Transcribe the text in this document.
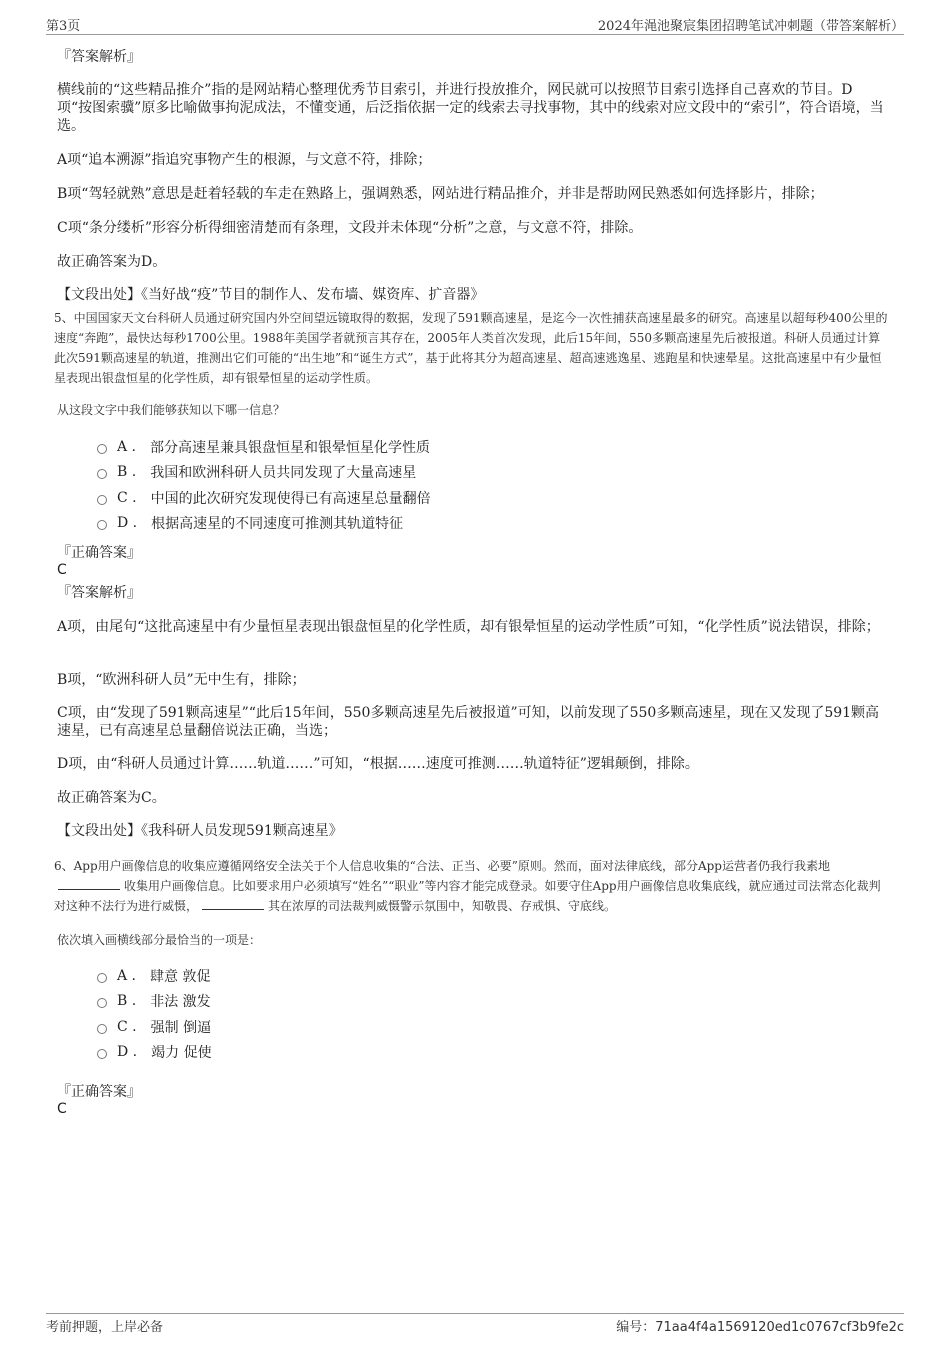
第3页	2024年渑池聚宸集团招聘笔试冲刺题（带答案解析）
『答案解析』
横线前的“这些精品推介”指的是网站精心整理优秀节目索引，并进行投放推介，网民就可以按照节目索引选择自己喜欢的节目。D项“按图索骥”原多比喻做事拘泥成法，不懂变通，后泛指依据一定的线索去寻找事物，其中的线索对应文段中的“索引”，符合语境，当选。
A项“追本溯源”指追究事物产生的根源，与文意不符，排除；
B项“驾轻就熟”意思是赶着轻载的车走在熟路上，强调熟悉，网站进行精品推介，并非是帮助网民熟悉如何选择影片，排除；
C项“条分缕析”形容分析得细密清楚而有条理，文段并未体现“分析”之意，与文意不符，排除。
故正确答案为D。
【文段出处】《当好战“疫”节目的制作人、发布墙、媒资库、扩音器》
5、中国国家天文台科研人员通过研究国内外空间望远镜取得的数据，发现了591颗高速星，是迄今一次性捕获高速星最多的研究。高速星以超每秒400公里的速度“奔跑”，最快达每秒1700公里。1988年美国学者就预言其存在，2005年人类首次发现，此后15年间，550多颗高速星先后被报道。科研人员通过计算此次591颗高速星的轨道，推测出它们可能的“出生地”和“诞生方式”，基于此将其分为超高速星、超高速逃逸星、逃跑星和快速晕星。这批高速星中有少量恒星表现出银盘恒星的化学性质，却有银晕恒星的运动学性质。
从这段文字中我们能够获知以下哪一信息？
A . 部分高速星兼具银盘恒星和银晕恒星化学性质
B . 我国和欧洲科研人员共同发现了大量高速星
C . 中国的此次研究发现使得已有高速星总量翻倍
D . 根据高速星的不同速度可推测其轨道特征
『正确答案』
C
『答案解析』
A项，由尾句“这批高速星中有少量恒星表现出银盘恒星的化学性质，却有银晕恒星的运动学性质”可知，“化学性质”说法错误，排除；
B项，“欧洲科研人员”无中生有，排除；
C项，由“发现了591颗高速星”“此后15年间，550多颗高速星先后被报道”可知，以前发现了550多颗高速星，现在又发现了591颗高速星，已有高速星总量翻倍说法正确，当选；
D项，由“科研人员通过计算……轨道……”可知，“根据……速度可推测……轨道特征”逻辑颠倒，排除。
故正确答案为C。
【文段出处】《我科研人员发现591颗高速星》
6、App用户画像信息的收集应遵循网络安全法关于个人信息收集的“合法、正当、必要”原则。然而，面对法律底线，部分App运营者仍我行我素地收集用户画像信息。比如要求用户必须填写“姓名”“职业”等内容才能完成登录。如要守住App用户画像信息收集底线，就应通过司法常态化裁判对这种不法行为进行威慑，	其在浓厚的司法裁判威慑警示氛围中，知敬畏、存戒惧、守底线。
依次填入画横线部分最恰当的一项是：
A . 肆意 敦促
B . 非法 激发
C . 强制 倒逼
D . 竭力 促使
『正确答案』
C
考前押题，上岸必备	编号：71aa4f4a1569120ed1c0767cf3b9fe2c
